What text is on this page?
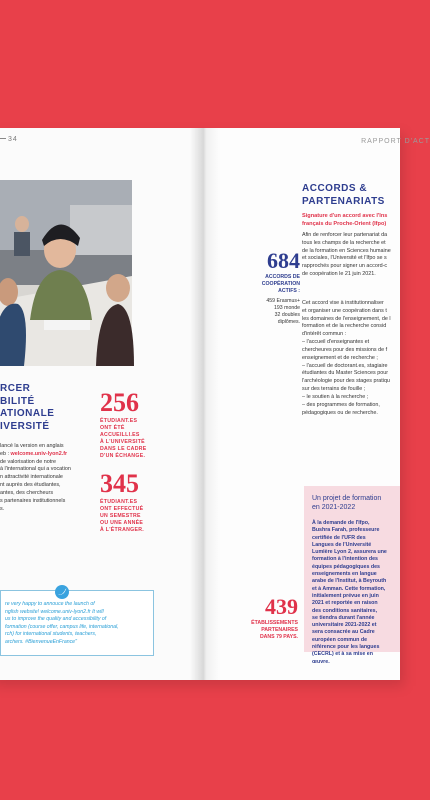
34
RCER
BILITÉ
ATIONALE
IVERSITÉ
lancé la version en anglais
eb : welcome.univ-lyon2.fr
de valorisation de notre
à l'international qui a vocation
n attractivité internationale
nt auprès des étudiantes,
antes, des chercheurs
s partenaires institutionnels
s.
256
ÉTUDIANT.ES
ONT ÉTÉ ACCUEILLI.ES
À L'UNIVERSITÉ
DANS LE CADRE
D'UN ÉCHANGE.
345
ÉTUDIANT.ES
ONT EFFECTUÉ
UN SEMESTRE
OU UNE ANNÉE
À L'ÉTRANGER.
re very happy to annouce the launch of
nglish website! welcome.univ-lyon2.fr It will
us to improve the quality and accessibility of
formation (course offer, campus life, international,
rch) for international students, teachers,
archers. #BienvenueEnFrance"
RAPPORT D'ACT
ACCORDS &
PARTENARIATS
Signature d'un accord avec l'Ins
français du Proche-Orient (Ifpo)
Afin de renforcer leur partenariat da
tous les champs de la recherche et
de la formation en Sciences humaine
et sociales, l'Université et l'Ifpo se s
rapprochés pour signer un accord-c
de coopération le 21 juin 2021.
Cet accord vise à institutionnaliser
et organiser une coopération dans t
les domaines de l'enseignement, de l
formation et de la recherche consid
d'intérêt commun :
– l'accueil d'enseignantes et
chercheures pour des missions de f
enseignement et de recherche ;
– l'accueil de doctorant.es, stagiaire
étudiantes du Master Sciences pour
l'archéologie pour des stages pratiqu
sur des terrains de fouille ;
– le soutien à la recherche ;
– des programmes de formation,
pédagogiques ou de recherche.
684
ACCORDS DE
COOPÉRATION
ACTIFS :
459 Erasmus+
193 monde
32 doubles
diplômes.
Un projet de formation
en 2021-2022
À la demande de l'Ifpo,
Bushra Farah, professeure
certifiée de l'UFR des
Langues de l'Université
Lumière Lyon 2, assurera une
formation à l'intention des
équipes pédagogiques des
enseignements en langue
arabe de l'Institut, à Beyrouth
et à Amman. Cette formation,
initialement prévue en juin
2021 et reportée en raison
des conditions sanitaires,
se tiendra durant l'année
universitaire 2021-2022 et
sera consacrée au Cadre
européen commun de
référence pour les langues
(CECRL) et à sa mise en
œuvre.
439
ÉTABLISSEMENTS
PARTENAIRES
DANS 79 PAYS.
